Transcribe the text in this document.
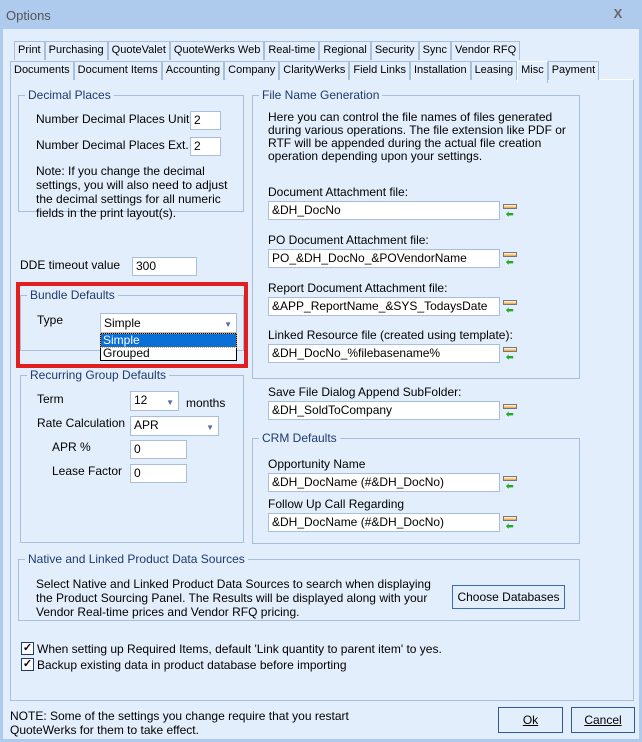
Options	X
Print Purchasing QuoteValet QuoteWerks Web Real-time Regional Security Sync Vendor RFQ
Documents Document Items Accounting Company ClarityWerks Field Links Installation Leasing Misc Payment
Decimal Places
Number Decimal Places Unit 2
Number Decimal Places Ext. 2
Note: If you change the decimal settings, you will also need to adjust the decimal settings for all numeric fields in the print layout(s).
DDE timeout value	300
Bundle Defaults
Type	Simple	▼
Simple
Grouped
Recurring Group Defaults
Term	12 ▼ months
Rate Calculation APR	▼
APR %	0
Lease Factor 0
File Name Generation
Here you can control the file names of files generated during various operations. The file extension like PDF or RTF will be appended during the actual file creation operation depending upon your settings.
Document Attachment file:
&DH_DocNo	⬅
PO Document Attachment file:
PO_&DH_DocNo_&POVendorName	⬅
Report Document Attachment file:
&APP_ReportName_&SYS_TodaysDate	⬅
Linked Resource file (created using template):
&DH_DocNo_%filebasename%	⬅
Save File Dialog Append SubFolder:
&DH_SoldToCompany	⬅
CRM Defaults
Opportunity Name
&DH_DocName (#&DH_DocNo)	⬅
Follow Up Call Regarding
&DH_DocName (#&DH_DocNo)	⬅
Native and Linked Product Data Sources
Select Native and Linked Product Data Sources to search when displaying the Product Sourcing Panel. The Results will be displayed along with your Vendor Real-time prices and Vendor RFQ pricing.
Choose Databases
✓ When setting up Required Items, default 'Link quantity to parent item' to yes.
✓ Backup existing data in product database before importing
NOTE: Some of the settings you change require that you restart QuoteWerks for them to take effect.
Ok	Cancel
